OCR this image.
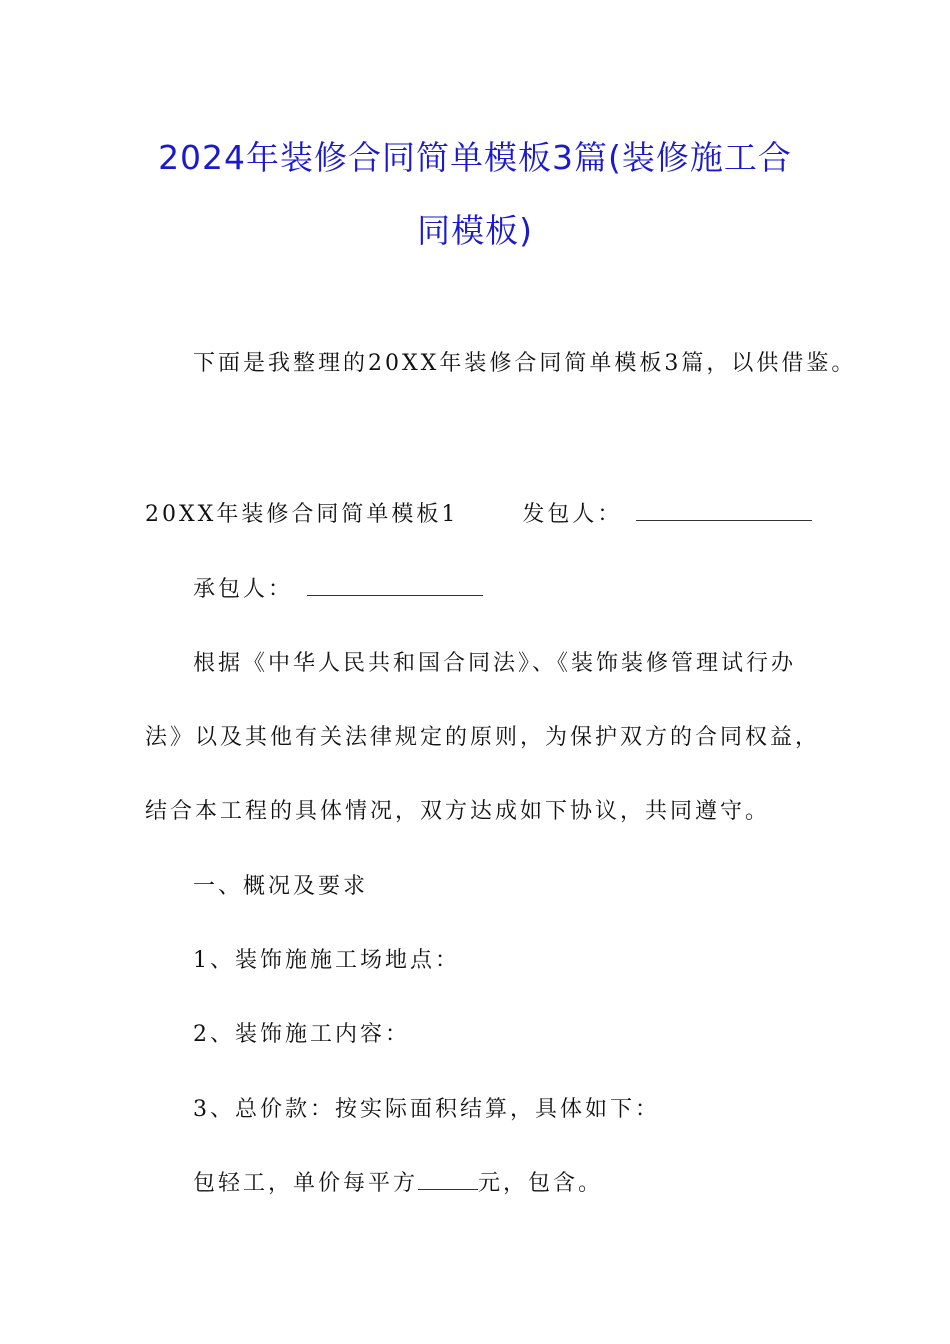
2024年装修合同简单模板3篇(装修施工合
同模板)
下面是我整理的20XX年装修合同简单模板3篇，以供借鉴。
20XX年装修合同简单模板1	发包人：
承包人：
根据《中华人民共和国合同法》、《装饰装修管理试行办
法》以及其他有关法律规定的原则，为保护双方的合同权益，
结合本工程的具体情况，双方达成如下协议，共同遵守。
一、概况及要求
1、装饰施施工场地点：
2、装饰施工内容：
3、总价款：按实际面积结算，具体如下：
包轻工，单价每平方	元，包含。
